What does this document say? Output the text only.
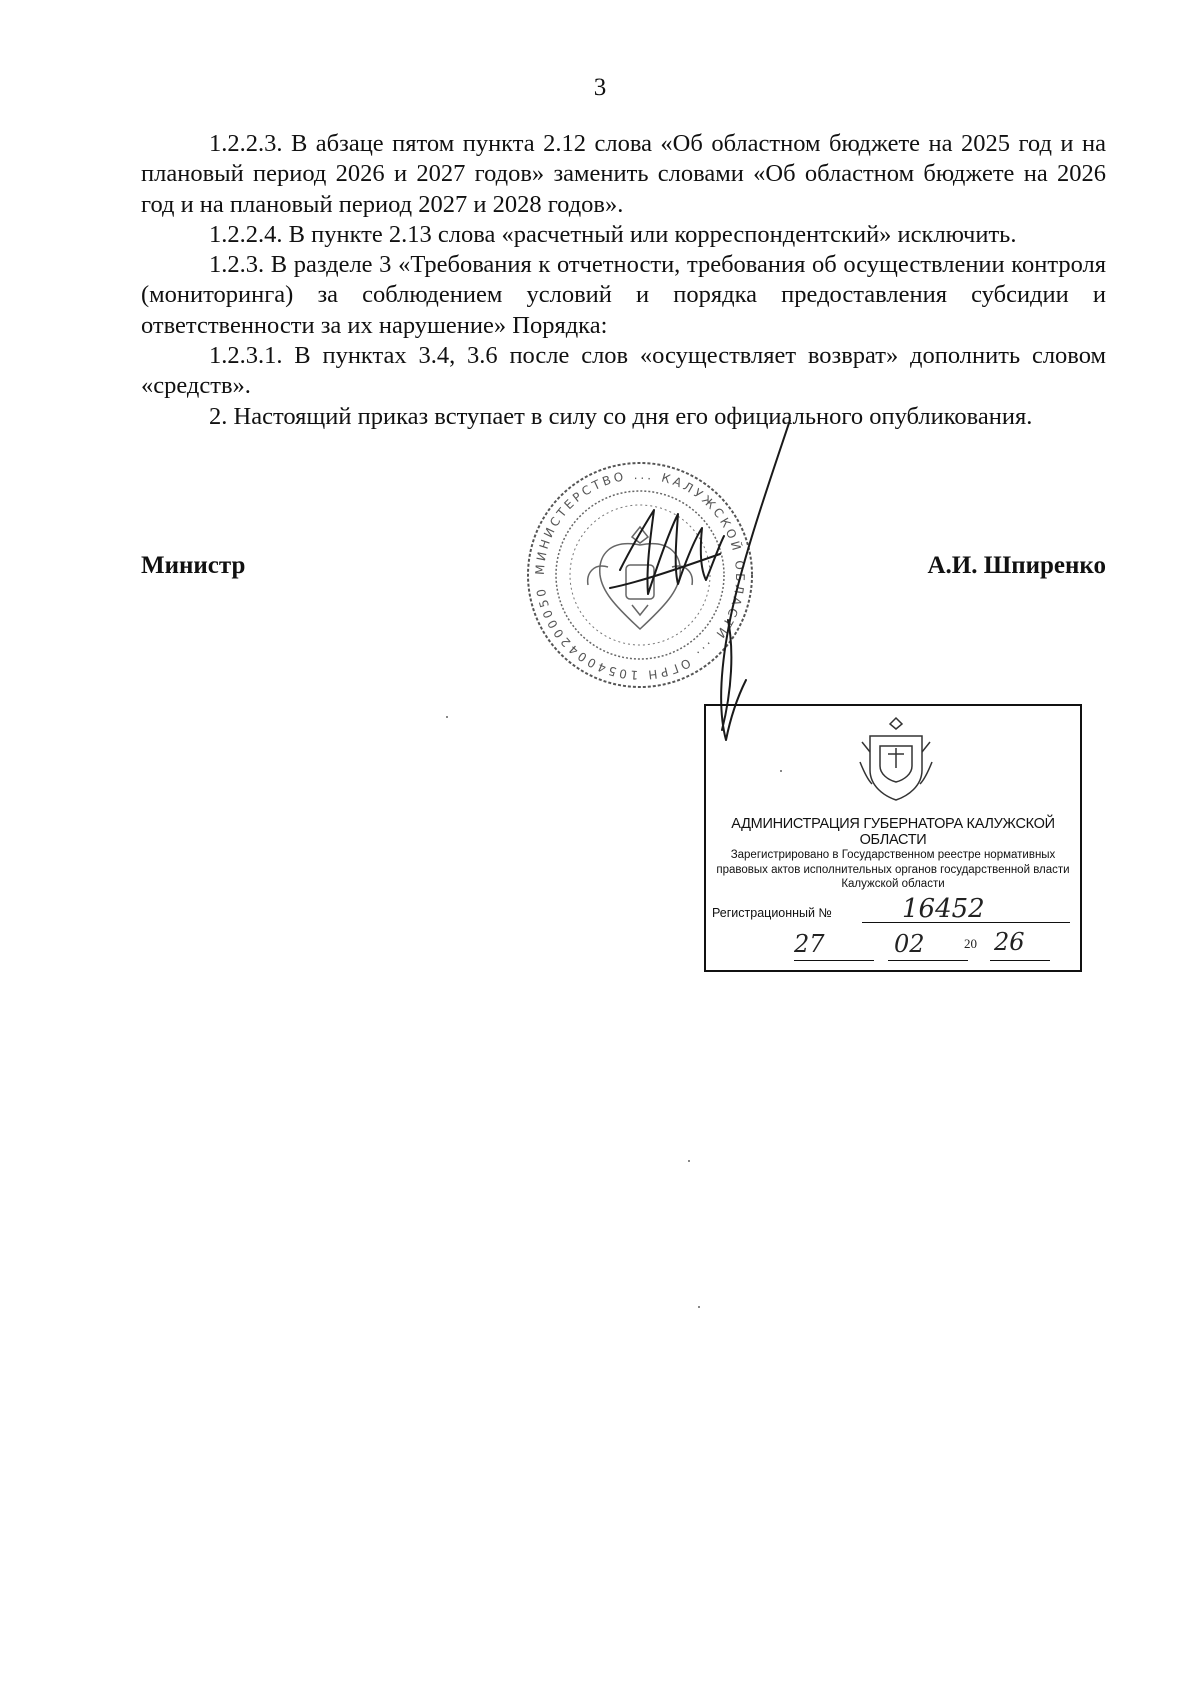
3

1.2.2.3. В абзаце пятом пункта 2.12 слова «Об областном бюджете на 2025 год и на плановый период 2026 и 2027 годов» заменить словами «Об областном бюджете на 2026 год и на плановый период 2027 и 2028 годов».

1.2.2.4. В пункте 2.13 слова «расчетный или корреспондентский» исключить.

1.2.3. В разделе 3 «Требования к отчетности, требования об осуществлении контроля (мониторинга) за соблюдением условий и порядка предоставления субсидии и ответственности за их нарушение» Порядка:

1.2.3.1. В пунктах 3.4, 3.6 после слов «осуществляет возврат» дополнить словом «средств».

2. Настоящий приказ вступает в силу со дня его официального опубликования.

МИНИСТЕРСТВО ... КАЛУЖСКОЙ ОБЛАСТИ ... ОГРН 1054004200050
Министр	А.И. Шпиренко
АДМИНИСТРАЦИЯ ГУБЕРНАТОРА КАЛУЖСКОЙ ОБЛАСТИ
Зарегистрировано в Государственном реестре нормативных правовых актов исполнительных органов государственной власти Калужской области
Регистрационный №	16452
27	02	20 26
